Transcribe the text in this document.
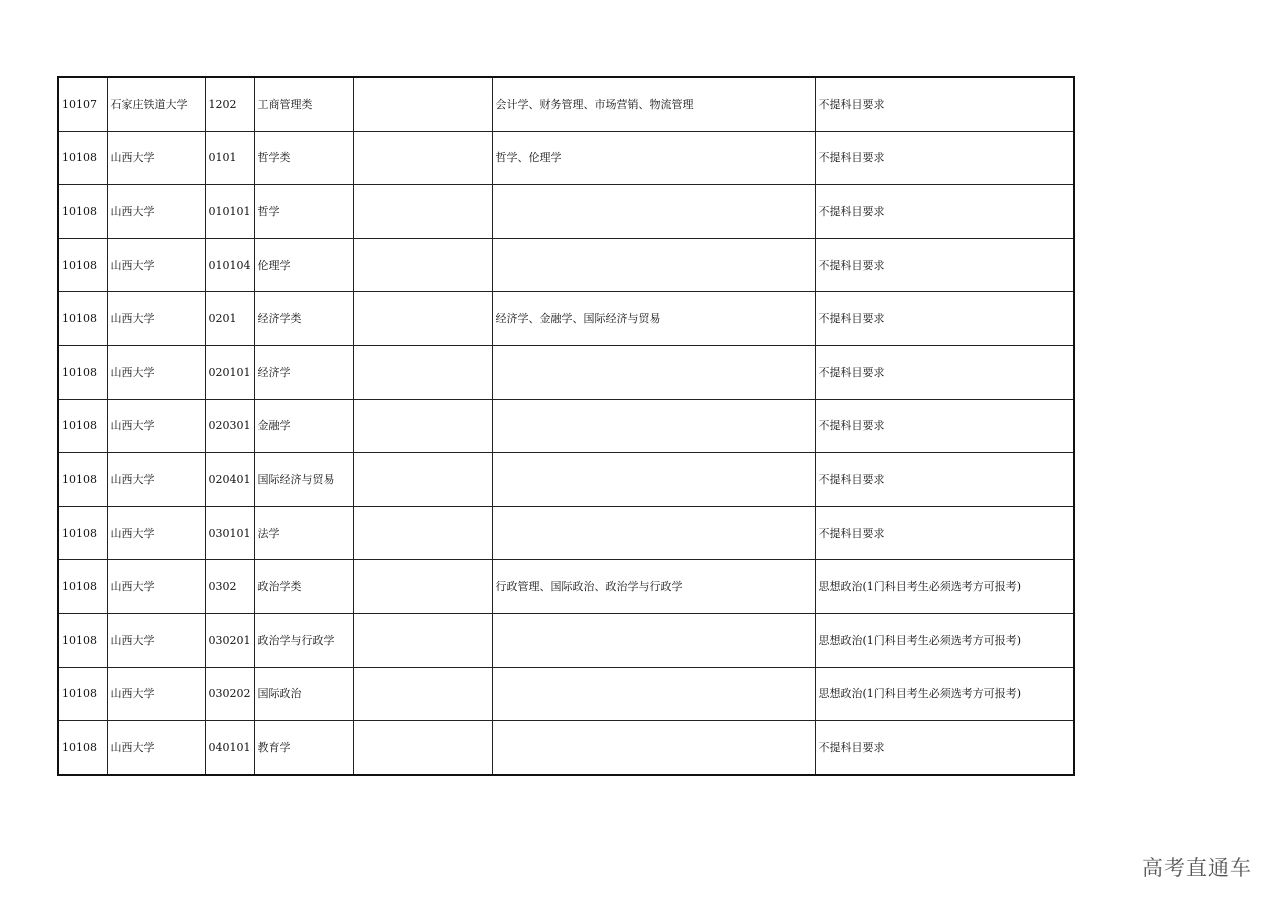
10107	石家庄铁道大学	1202	工商管理类		会计学、财务管理、市场营销、物流管理	不提科目要求
10108	山西大学	0101	哲学类		哲学、伦理学	不提科目要求
10108	山西大学	010101	哲学			不提科目要求
10108	山西大学	010104	伦理学			不提科目要求
10108	山西大学	0201	经济学类		经济学、金融学、国际经济与贸易	不提科目要求
10108	山西大学	020101	经济学			不提科目要求
10108	山西大学	020301	金融学			不提科目要求
10108	山西大学	020401	国际经济与贸易			不提科目要求
10108	山西大学	030101	法学			不提科目要求
10108	山西大学	0302	政治学类		行政管理、国际政治、政治学与行政学	思想政治(1门科目考生必须选考方可报考)
10108	山西大学	030201	政治学与行政学			思想政治(1门科目考生必须选考方可报考)
10108	山西大学	030202	国际政治			思想政治(1门科目考生必须选考方可报考)
10108	山西大学	040101	教育学			不提科目要求
高考直通车
